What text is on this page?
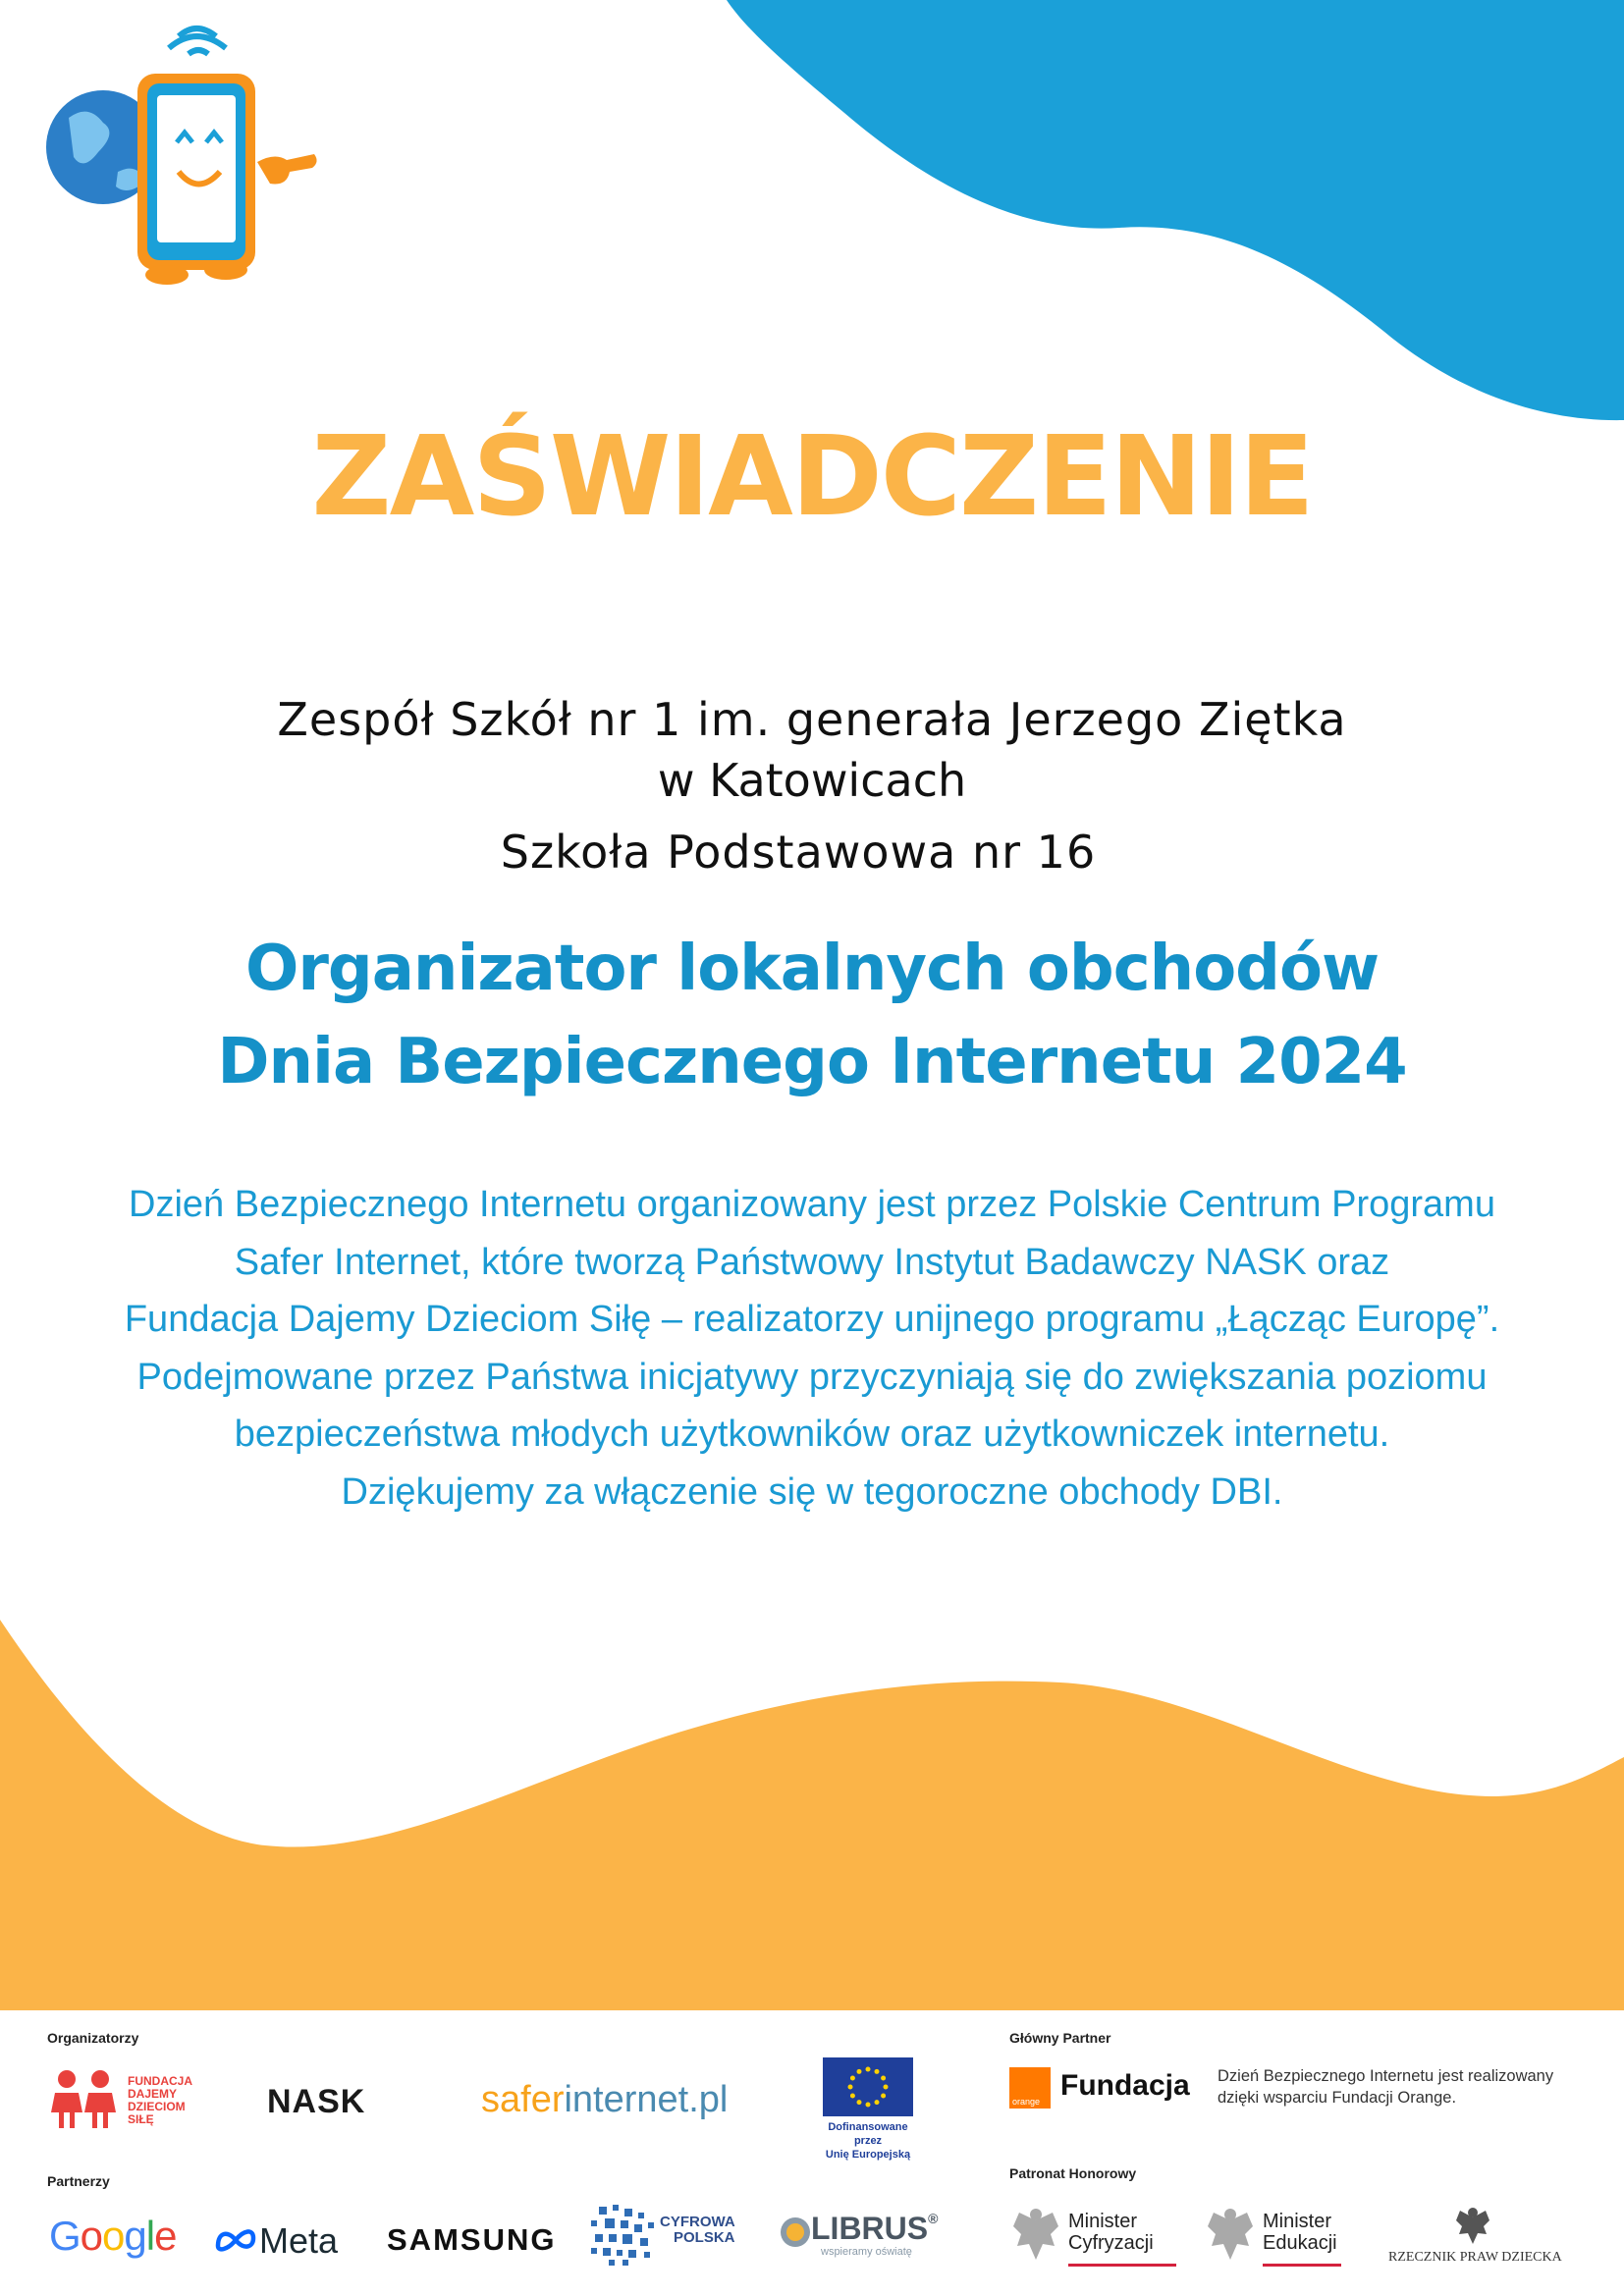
ZAŚWIADCZENIE
Zespół Szkół nr 1 im. generała Jerzego Ziętka
w Katowicach
Szkoła Podstawowa nr 16
Organizator lokalnych obchodów
Dnia Bezpiecznego Internetu 2024
Dzień Bezpiecznego Internetu organizowany jest przez Polskie Centrum Programu
Safer Internet, które tworzą Państwowy Instytut Badawczy NASK oraz
Fundacja Dajemy Dzieciom Siłę – realizatorzy unijnego programu „Łącząc Europę”.
Podejmowane przez Państwa inicjatywy przyczyniają się do zwiększania poziomu
bezpieczeństwa młodych użytkowników oraz użytkowniczek internetu.
Dziękujemy za włączenie się w tegoroczne obchody DBI.
Organizatorzy
Partnerzy
Główny Partner
Patronat Honorowy
FUNDACJA
DAJEMY
DZIECIOM
SIŁĘ	NASK	saferinternet.pl
Dofinansowane przez
Unię Europejską
orange Fundacja Dzień Bezpiecznego Internetu jest realizowany
dzięki wsparciu Fundacji Orange.
Google Meta SAMSUNG
CYFROWA
POLSKA LIBRUS®
wspieramy oświatę
Minister
Cyfryzacji
Minister
Edukacji
RZECZNIK PRAW DZIECKA
